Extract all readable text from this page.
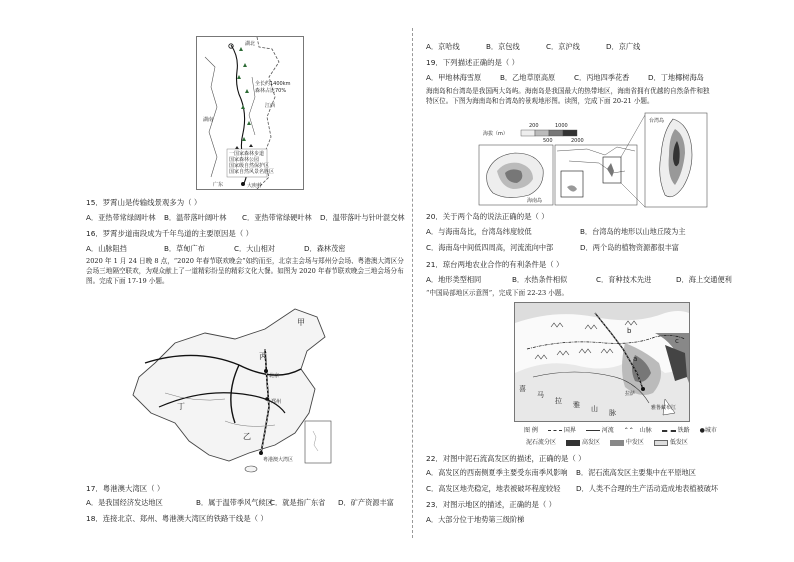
湖北
湖南
江西
广东	大庾岭
全长约1400km
森林占比70%
一国家森林步道
国家森林公园
国家级自然保护区
国家自然风景名胜区
15．罗霄山是传输线景观多为（ ）
A．亚热带常绿阔叶林 B．温带落叶阔叶林 C．亚热带常绿硬叶林 D．温带落叶与针叶混交林
16．罗霄步道南段成为千年鸟道的主要原因是（ ）
A．山脉阻挡	B．草甸广布	C．大山相对	D．森林茂密
2020 年 1 月 24 日晚 8 点，“2020 年春节联欢晚会”如约而至，北京主会场与郑州分会场、粤港澳大湾区分会场三地隔空联欢，为观众献上了一道精彩纷呈的精彩文化大餐。如图为 2020 年春节联欢晚会三地会场分布图。完成下面 17-19 小题。
甲
丙
丁
乙
北京
郑州
粤港澳大湾区
17．粤港澳大湾区（ ）
A．是我国经济发达地区	B．属于温带季风气候区
C．就是指广东省 D．矿产资源丰富
18．连接北京、郑州、粤港澳大湾区的铁路干线是（ ）
A．京哈线	B．京包线	C．京沪线	D．京广线
19．下列描述正确的是（ ）
A．甲地林海雪原	B．乙地草原高原	C．丙地四季花香	D．丁地椰树海岛
海南岛和台湾岛是我国两大岛屿。海南岛是我国最大的热带地区，海南省拥有优越的自然条件和独特区位。下图为海南岛和台湾岛的景观地形图。读图，完成下面 20-21 小题。
海拔（m）
200
500
1000
2000
海南岛
台湾岛
20．关于两个岛的说法正确的是（ ）
A．与海南岛比，台湾岛纬度较低	B．台湾岛的地形以山地丘陵为主
C．海南岛中间低四周高，河流流向中部	D．两个岛的植物资源都很丰富
21．琼台两地农业合作的有利条件是（ ）
A．地形类型相同	B．水热条件相似	C．育种技术先进	D．海上交通便利
“中国局部地区示意图”，完成下面 22-23 小题。
喜
马
拉 雅 山 脉
a
b
c
拉萨
雅鲁藏布江
图 例	国界	河流 ⌃⌃ 山脉	铁路 ●城市
泥石流分区	高发区	中发区	低发区
22．对图中泥石流高发区的描述，正确的是（ ）
A．高发区的西南侧夏季主要受东南季风影响 B．泥石流高发区主要集中在平原地区
C．高发区地壳稳定，地表被破坏程度较轻 D．人类不合理的生产活动造成地表植被破坏
23．对图示地区的描述，正确的是（ ）
A．大部分位于地势第三级阶梯
